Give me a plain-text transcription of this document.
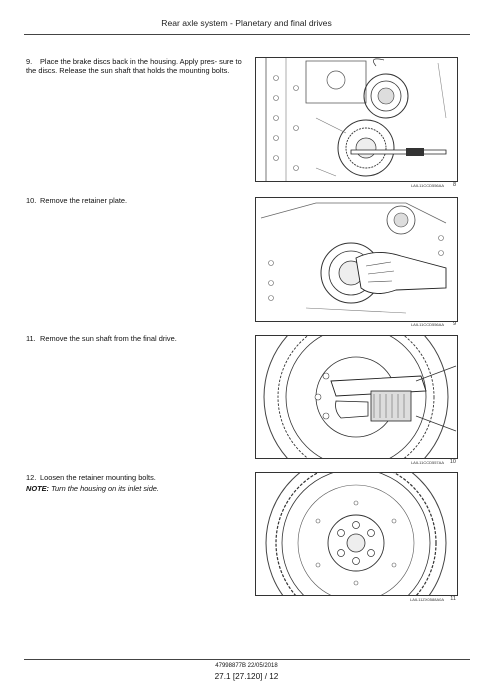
Rear axle system - Planetary and final drives
9. Place the brake discs back in the housing. Apply pres- sure to the discs. Release the sun shaft that holds the mounting bolts.
LAIL11CCD556AA 8
10. Remove the retainer plate.
LAIL11CCD556AA 9
11. Remove the sun shaft from the final drive.
LAIL11CCD557AA 10
12. Loosen the retainer mounting bolts.
NOTE: Turn the housing on its inlet side.
LAIL11ZX0588A0A 11
47998877B 22/05/2018
27.1 [27.120] / 12
